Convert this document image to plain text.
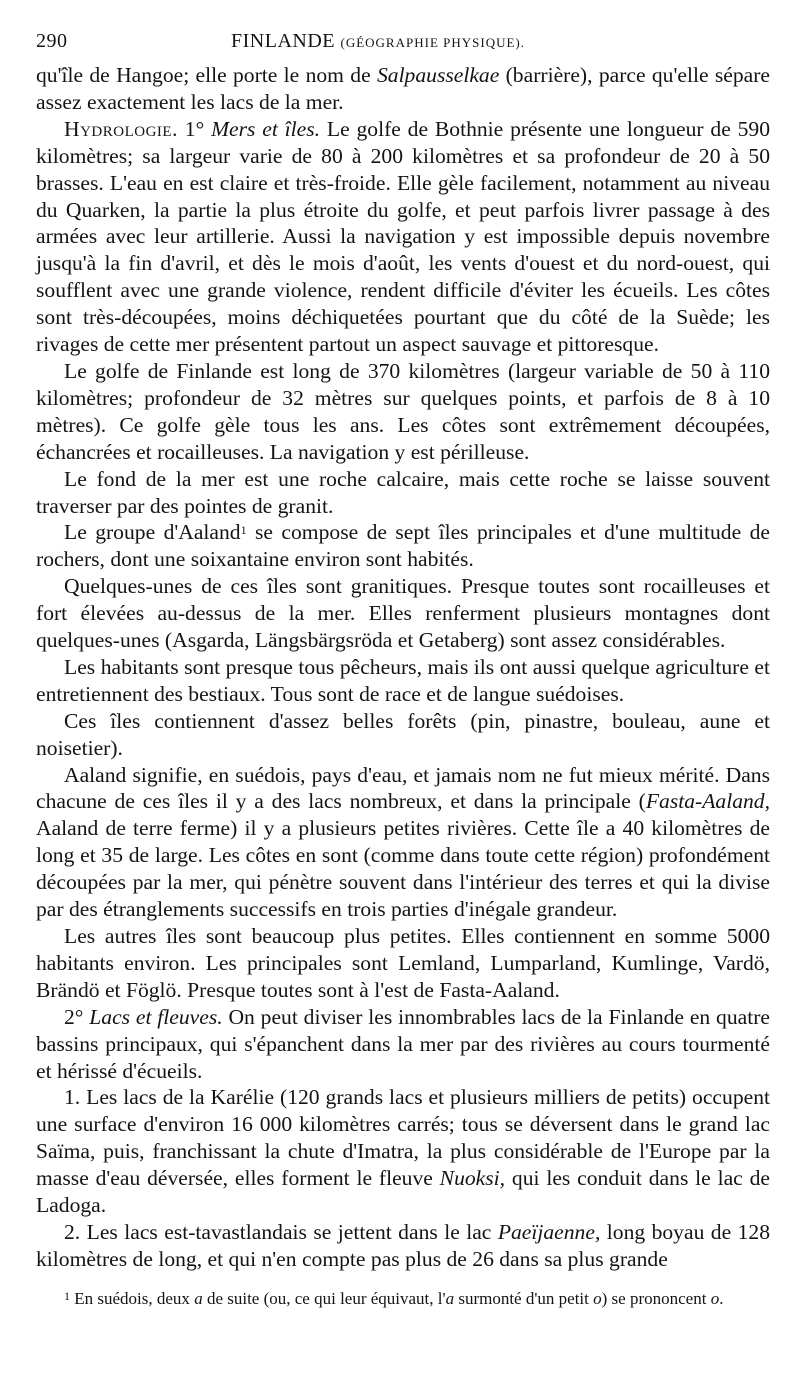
290	FINLANDE (GÉOGRAPHIE PHYSIQUE).

qu'île de Hangoe; elle porte le nom de Salpausselkae (barrière), parce qu'elle sépare assez exactement les lacs de la mer.

Hydrologie. 1° Mers et îles. Le golfe de Bothnie présente une longueur de 590 kilomètres; sa largeur varie de 80 à 200 kilomètres et sa profondeur de 20 à 50 brasses. L'eau en est claire et très-froide. Elle gèle facilement, notamment au niveau du Quarken, la partie la plus étroite du golfe, et peut parfois livrer passage à des armées avec leur artillerie. Aussi la navigation y est impossible depuis novembre jusqu'à la fin d'avril, et dès le mois d'août, les vents d'ouest et du nord-ouest, qui soufflent avec une grande violence, rendent difficile d'éviter les écueils. Les côtes sont très-découpées, moins déchiquetées pourtant que du côté de la Suède; les rivages de cette mer présentent partout un aspect sauvage et pittoresque.

Le golfe de Finlande est long de 370 kilomètres (largeur variable de 50 à 110 kilomètres; profondeur de 32 mètres sur quelques points, et parfois de 8 à 10 mètres). Ce golfe gèle tous les ans. Les côtes sont extrêmement découpées, échancrées et rocailleuses. La navigation y est périlleuse.

Le fond de la mer est une roche calcaire, mais cette roche se laisse souvent traverser par des pointes de granit.

Le groupe d'Aaland$^1$ se compose de sept îles principales et d'une multitude de rochers, dont une soixantaine environ sont habités.

Quelques-unes de ces îles sont granitiques. Presque toutes sont rocailleuses et fort élevées au-dessus de la mer. Elles renferment plusieurs montagnes dont quelques-unes (Asgarda, Längsbärgsröda et Getaberg) sont assez considérables.

Les habitants sont presque tous pêcheurs, mais ils ont aussi quelque agriculture et entretiennent des bestiaux. Tous sont de race et de langue suédoises.

Ces îles contiennent d'assez belles forêts (pin, pinastre, bouleau, aune et noisetier).

Aaland signifie, en suédois, pays d'eau, et jamais nom ne fut mieux mérité. Dans chacune de ces îles il y a des lacs nombreux, et dans la principale (Fasta-Aaland, Aaland de terre ferme) il y a plusieurs petites rivières. Cette île a 40 kilomètres de long et 35 de large. Les côtes en sont (comme dans toute cette région) profondément découpées par la mer, qui pénètre souvent dans l'intérieur des terres et qui la divise par des étranglements successifs en trois parties d'inégale grandeur.

Les autres îles sont beaucoup plus petites. Elles contiennent en somme 5000 habitants environ. Les principales sont Lemland, Lumparland, Kumlinge, Vardö, Brändö et Föglö. Presque toutes sont à l'est de Fasta-Aaland.

2° Lacs et fleuves. On peut diviser les innombrables lacs de la Finlande en quatre bassins principaux, qui s'épanchent dans la mer par des rivières au cours tourmenté et hérissé d'écueils.

1. Les lacs de la Karélie (120 grands lacs et plusieurs milliers de petits) occupent une surface d'environ 16 000 kilomètres carrés; tous se déversent dans le grand lac Saïma, puis, franchissant la chute d'Imatra, la plus considérable de l'Europe par la masse d'eau déversée, elles forment le fleuve Nuoksi, qui les conduit dans le lac de Ladoga.

2. Les lacs est-tavastlandais se jettent dans le lac Paeïjaenne, long boyau de 128 kilomètres de long, et qui n'en compte pas plus de 26 dans sa plus grande

$^1$ En suédois, deux a de suite (ou, ce qui leur équivaut, l'a surmonté d'un petit o) se prononcent o.
